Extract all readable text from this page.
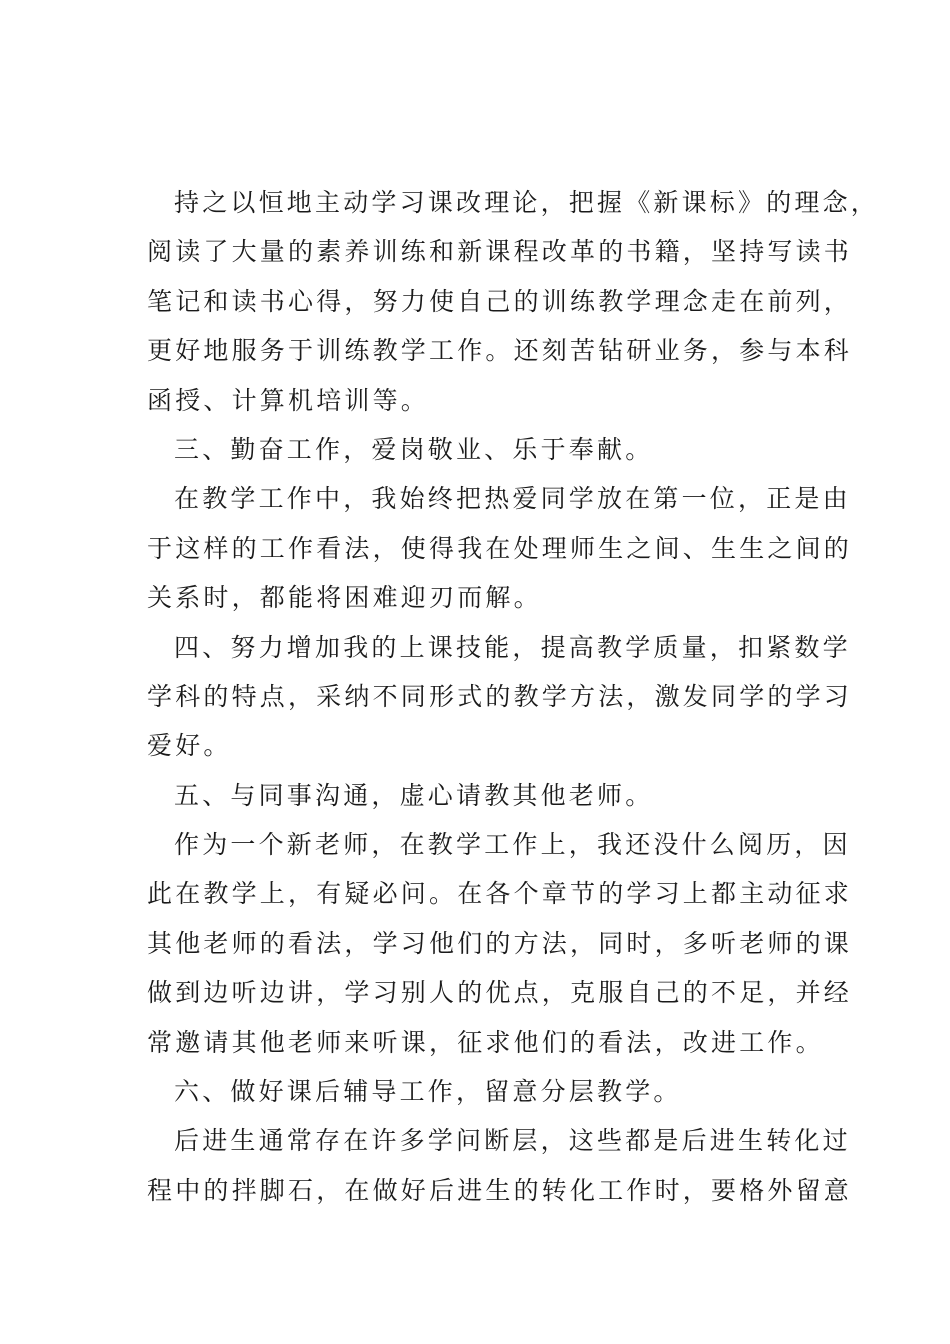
持之以恒地主动学习课改理论，把握《新课标》的理念，
阅读了大量的素养训练和新课程改革的书籍，坚持写读书
笔记和读书心得，努力使自己的训练教学理念走在前列，
更好地服务于训练教学工作。还刻苦钻研业务，参与本科
函授、计算机培训等。
三、勤奋工作，爱岗敬业、乐于奉献。
在教学工作中，我始终把热爱同学放在第一位，正是由
于这样的工作看法，使得我在处理师生之间、生生之间的
关系时，都能将困难迎刃而解。
四、努力增加我的上课技能，提高教学质量，扣紧数学
学科的特点，采纳不同形式的教学方法，激发同学的学习
爱好。
五、与同事沟通，虚心请教其他老师。
作为一个新老师，在教学工作上，我还没什么阅历，因
此在教学上，有疑必问。在各个章节的学习上都主动征求
其他老师的看法，学习他们的方法，同时，多听老师的课
做到边听边讲，学习别人的优点，克服自己的不足，并经
常邀请其他老师来听课，征求他们的看法，改进工作。
六、做好课后辅导工作，留意分层教学。
后进生通常存在许多学问断层，这些都是后进生转化过
程中的拌脚石，在做好后进生的转化工作时，要格外留意
